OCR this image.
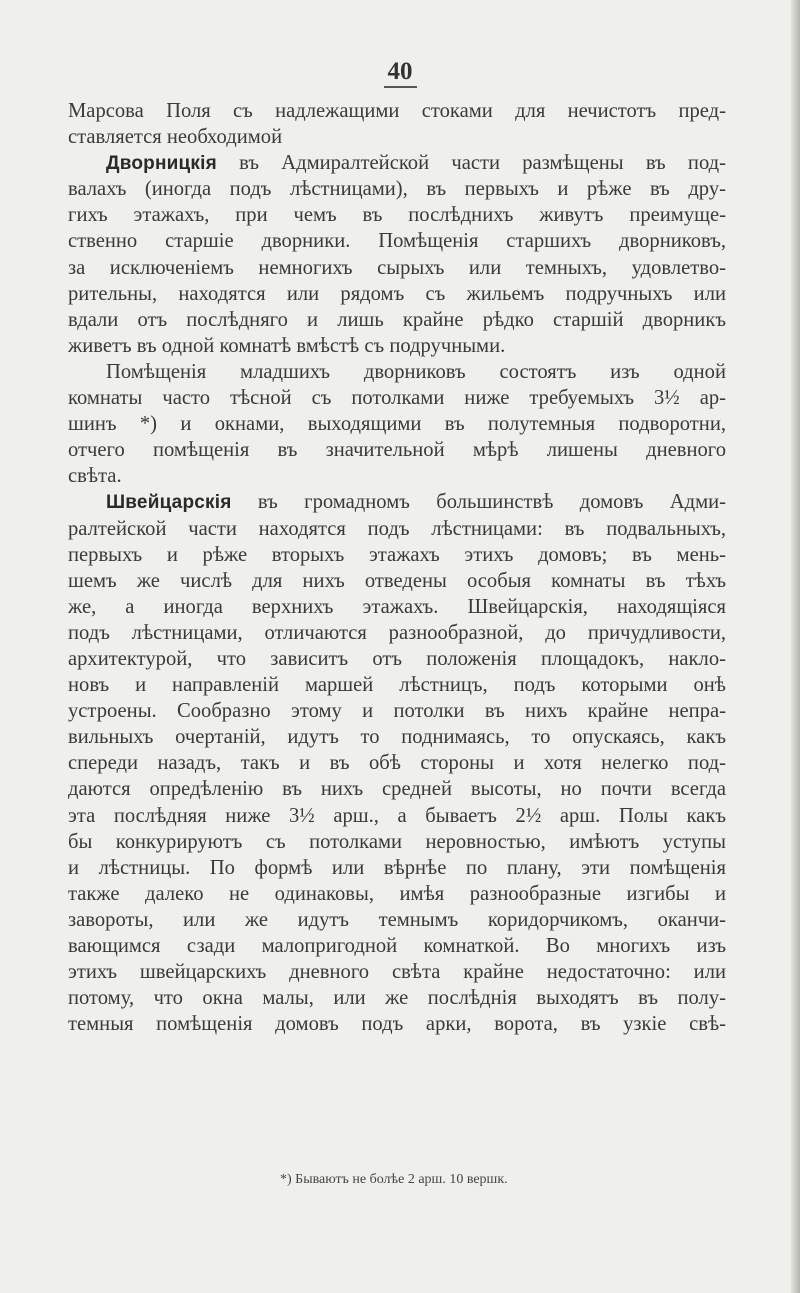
40
Марсова Поля съ надлежащими стоками для нечистотъ пред-
ставляется необходимой
Дворницкія въ Адмиралтейской части размѣщены въ под-
валахъ (иногда подъ лѣстницами), въ первыхъ и рѣже въ дру-
гихъ этажахъ, при чемъ въ послѣднихъ живутъ преимуще-
ственно старшіе дворники. Помѣщенія старшихъ дворниковъ,
за исключеніемъ немногихъ сырыхъ или темныхъ, удовлетво-
рительны, находятся или рядомъ съ жильемъ подручныхъ или
вдали отъ послѣдняго и лишь крайне рѣдко старшій дворникъ
живетъ въ одной комнатѣ вмѣстѣ съ подручными.
Помѣщенія младшихъ дворниковъ состоятъ изъ одной
комнаты часто тѣсной съ потолками ниже требуемыхъ 3½ ар-
шинъ *) и окнами, выходящими въ полутемныя подворотни,
отчего помѣщенія въ значительной мѣрѣ лишены дневного
свѣта.
Швейцарскія въ громадномъ большинствѣ домовъ Адми-
ралтейской части находятся подъ лѣстницами: въ подвальныхъ,
первыхъ и рѣже вторыхъ этажахъ этихъ домовъ; въ мень-
шемъ же числѣ для нихъ отведены особыя комнаты въ тѣхъ
же, а иногда верхнихъ этажахъ. Швейцарскія, находящіяся
подъ лѣстницами, отличаются разнообразной, до причудливости,
архитектурой, что зависитъ отъ положенія площадокъ, накло-
новъ и направленій маршей лѣстницъ, подъ которыми онѣ
устроены. Сообразно этому и потолки въ нихъ крайне непра-
вильныхъ очертаній, идутъ то поднимаясь, то опускаясь, какъ
спереди назадъ, такъ и въ обѣ стороны и хотя нелегко под-
даются опредѣленію въ нихъ средней высоты, но почти всегда
эта послѣдняя ниже 3½ арш., а бываетъ 2½ арш. Полы какъ
бы конкурируютъ съ потолками неровностью, имѣютъ уступы
и лѣстницы. По формѣ или вѣрнѣе по плану, эти помѣщенія
также далеко не одинаковы, имѣя разнообразные изгибы и
завороты, или же идутъ темнымъ коридорчикомъ, оканчи-
вающимся сзади малопригодной комнаткой. Во многихъ изъ
этихъ швейцарскихъ дневного свѣта крайне недостаточно: или
потому, что окна малы, или же послѣднія выходятъ въ полу-
темныя помѣщенія домовъ подъ арки, ворота, въ узкіе свѣ-
*) Бываютъ не болѣе 2 арш. 10 вершк.
